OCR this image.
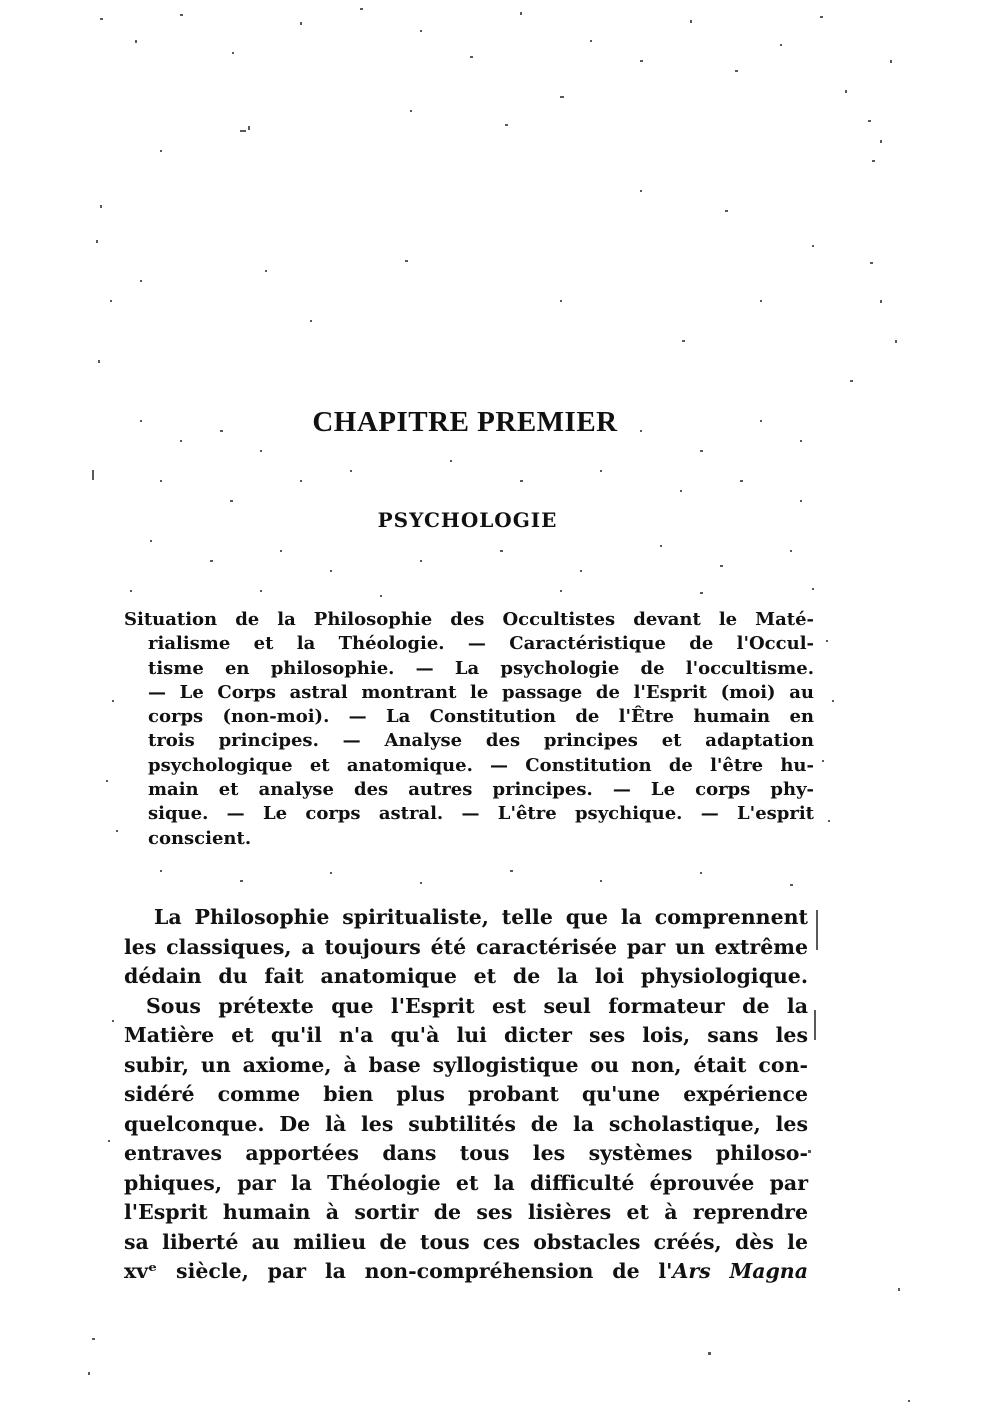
CHAPITRE PREMIER
PSYCHOLOGIE
Situation de la Philosophie des Occultistes devant le Maté-
rialisme et la Théologie. — Caractéristique de l'Occul-
tisme en philosophie. — La psychologie de l'occultisme.
— Le Corps astral montrant le passage de l'Esprit (moi) au
corps (non-moi). — La Constitution de l'Être humain en
trois principes. — Analyse des principes et adaptation
psychologique et anatomique. — Constitution de l'être hu-
main et analyse des autres principes. — Le corps phy-
sique. — Le corps astral. — L'être psychique. — L'esprit
conscient.
La Philosophie spiritualiste, telle que la comprennent
les classiques, a toujours été caractérisée par un extrême
dédain du fait anatomique et de la loi physiologique.
Sous prétexte que l'Esprit est seul formateur de la
Matière et qu'il n'a qu'à lui dicter ses lois, sans les
subir, un axiome, à base syllogistique ou non, était con-
sidéré comme bien plus probant qu'une expérience
quelconque. De là les subtilités de la scholastique, les
entraves apportées dans tous les systèmes philoso-
phiques, par la Théologie et la difficulté éprouvée par
l'Esprit humain à sortir de ses lisières et à reprendre
sa liberté au milieu de tous ces obstacles créés, dès le
xvᵉ siècle, par la non-compréhension de l'Ars Magna
